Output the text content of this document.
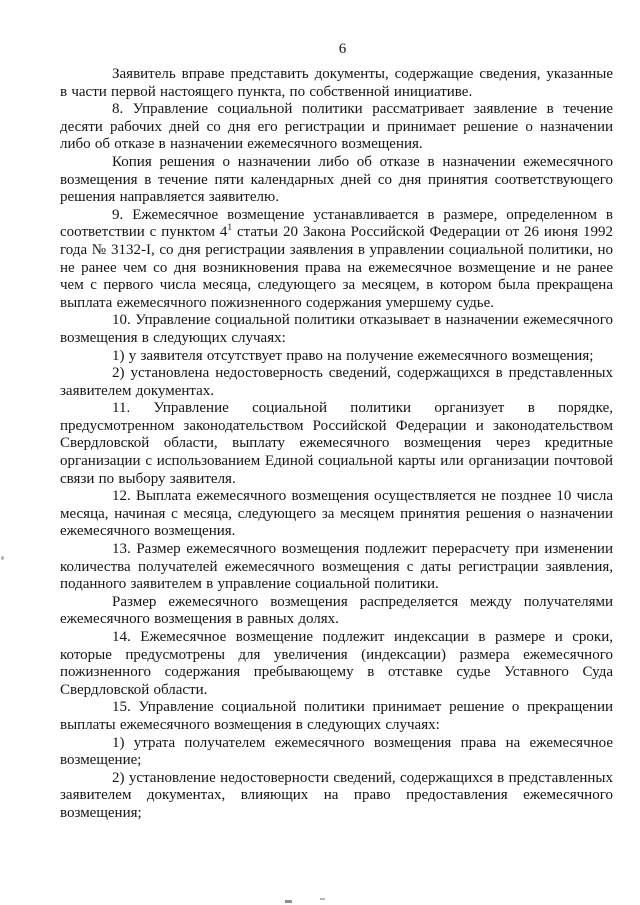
6

Заявитель вправе представить документы, содержащие сведения, указанные в части первой настоящего пункта, по собственной инициативе.

8. Управление социальной политики рассматривает заявление в течение десяти рабочих дней со дня его регистрации и принимает решение о назначении либо об отказе в назначении ежемесячного возмещения.

Копия решения о назначении либо об отказе в назначении ежемесячного возмещения в течение пяти календарных дней со дня принятия соответствующего решения направляется заявителю.

9. Ежемесячное возмещение устанавливается в размере, определенном в соответствии с пунктом $4^1$ статьи 20 Закона Российской Федерации от 26 июня 1992 года № 3132-I, со дня регистрации заявления в управлении социальной политики, но не ранее чем со дня возникновения права на ежемесячное возмещение и не ранее чем с первого числа месяца, следующего за месяцем, в котором была прекращена выплата ежемесячного пожизненного содержания умершему судье.

10. Управление социальной политики отказывает в назначении ежемесячного возмещения в следующих случаях:

1) у заявителя отсутствует право на получение ежемесячного возмещения;

2) установлена недостоверность сведений, содержащихся в представленных заявителем документах.

11. Управление социальной политики организует в порядке, предусмотренном законодательством Российской Федерации и законодательством Свердловской области, выплату ежемесячного возмещения через кредитные организации с использованием Единой социальной карты или организации почтовой связи по выбору заявителя.

12. Выплата ежемесячного возмещения осуществляется не позднее 10 числа месяца, начиная с месяца, следующего за месяцем принятия решения о назначении ежемесячного возмещения.

13. Размер ежемесячного возмещения подлежит перерасчету при изменении количества получателей ежемесячного возмещения с даты регистрации заявления, поданного заявителем в управление социальной политики.

Размер ежемесячного возмещения распределяется между получателями ежемесячного возмещения в равных долях.

14. Ежемесячное возмещение подлежит индексации в размере и сроки, которые предусмотрены для увеличения (индексации) размера ежемесячного пожизненного содержания пребывающему в отставке судье Уставного Суда Свердловской области.

15. Управление социальной политики принимает решение о прекращении выплаты ежемесячного возмещения в следующих случаях:

1) утрата получателем ежемесячного возмещения права на ежемесячное возмещение;

2) установление недостоверности сведений, содержащихся в представленных заявителем документах, влияющих на право предоставления ежемесячного возмещения;
